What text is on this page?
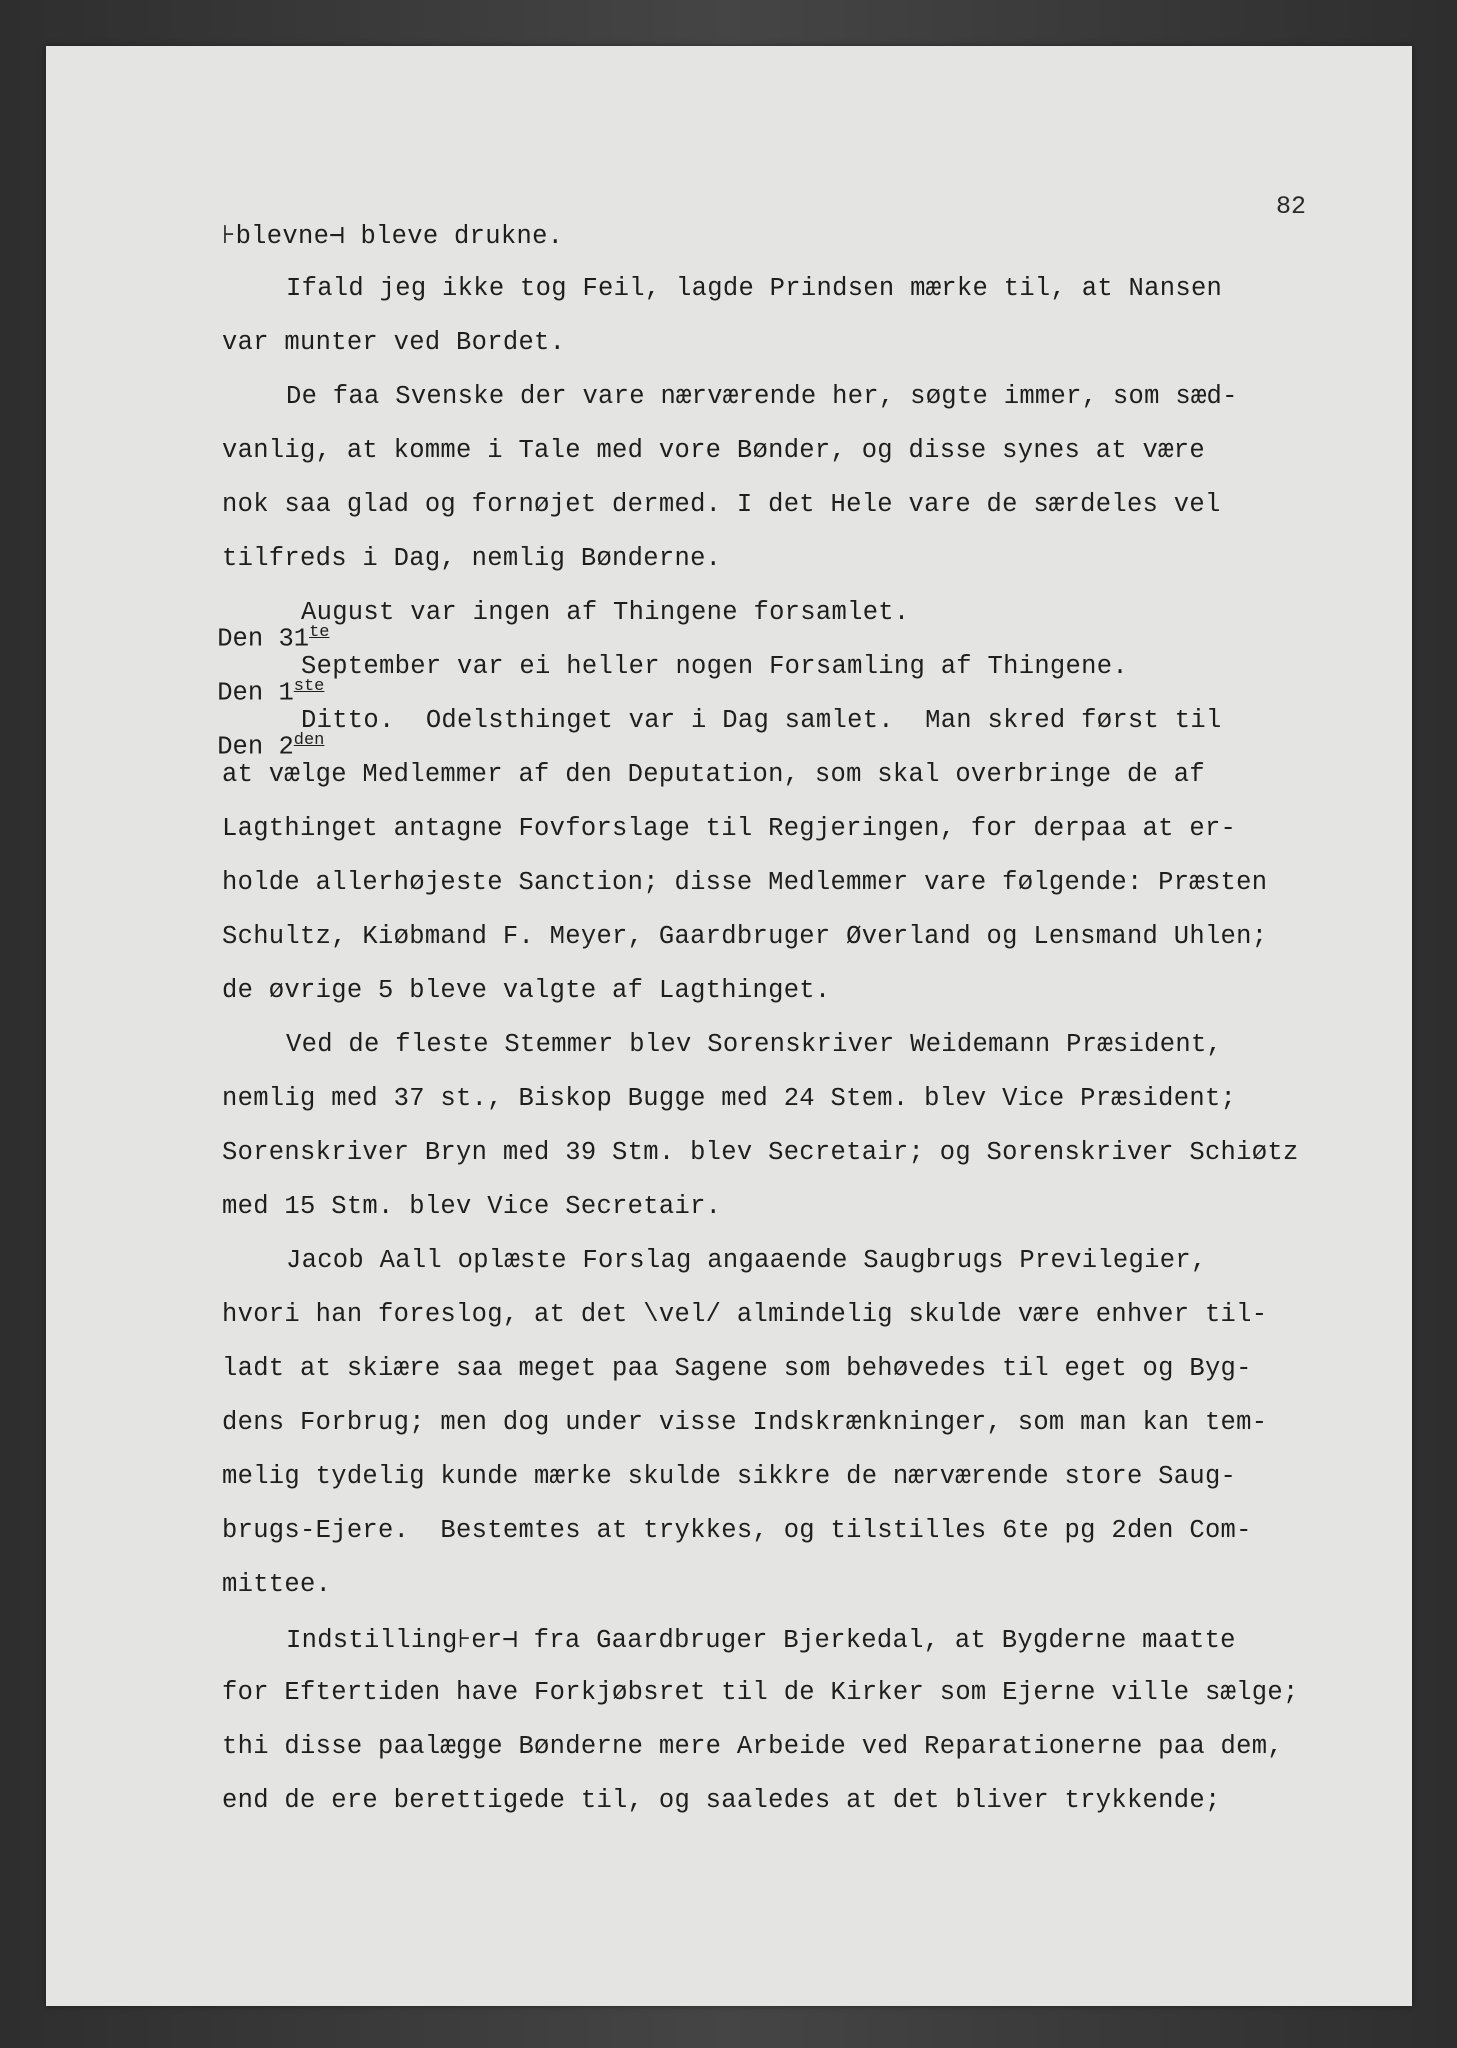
82

Den $31^{te}$

Den 1ste

Den $2^{den}$

⊦blevne⊣ bleve drukne.
Ifald jeg ikke tog Feil, lagde Prindsen mærke til, at Nansen
var munter ved Bordet.
De faa Svenske der vare nærværende her, søgte immer, som sæd-
vanlig, at komme i Tale med vore Bønder, og disse synes at være
nok saa glad og fornøjet dermed. I det Hele vare de særdeles vel
tilfreds i Dag, nemlig Bønderne.
August var ingen af Thingene forsamlet.
September var ei heller nogen Forsamling af Thingene.
Ditto.  Odelsthinget var i Dag samlet.  Man skred først til
at vælge Medlemmer af den Deputation, som skal overbringe de af
Lagthinget antagne Fovforslage til Regjeringen, for derpaa at er-
holde allerhøjeste Sanction; disse Medlemmer vare følgende: Præsten
Schultz, Kiøbmand F. Meyer, Gaardbruger Øverland og Lensmand Uhlen;
de øvrige 5 bleve valgte af Lagthinget.
Ved de fleste Stemmer blev Sorenskriver Weidemann Præsident,
nemlig med 37 st., Biskop Bugge med 24 Stem. blev Vice Præsident;
Sorenskriver Bryn med 39 Stm. blev Secretair; og Sorenskriver Schiøtz
med 15 Stm. blev Vice Secretair.
Jacob Aall oplæste Forslag angaaende Saugbrugs Previlegier,
hvori han foreslog, at det \vel/ almindelig skulde være enhver til-
ladt at skiære saa meget paa Sagene som behøvedes til eget og Byg-
dens Forbrug; men dog under visse Indskrænkninger, som man kan tem-
melig tydelig kunde mærke skulde sikkre de nærværende store Saug-
brugs-Ejere.  Bestemtes at trykkes, og tilstilles 6te pg 2den Com-
mittee.
Indstilling⊦er⊣ fra Gaardbruger Bjerkedal, at Bygderne maatte
for Eftertiden have Forkjøbsret til de Kirker som Ejerne ville sælge;
thi disse paalægge Bønderne mere Arbeide ved Reparationerne paa dem,
end de ere berettigede til, og saaledes at det bliver trykkende;
